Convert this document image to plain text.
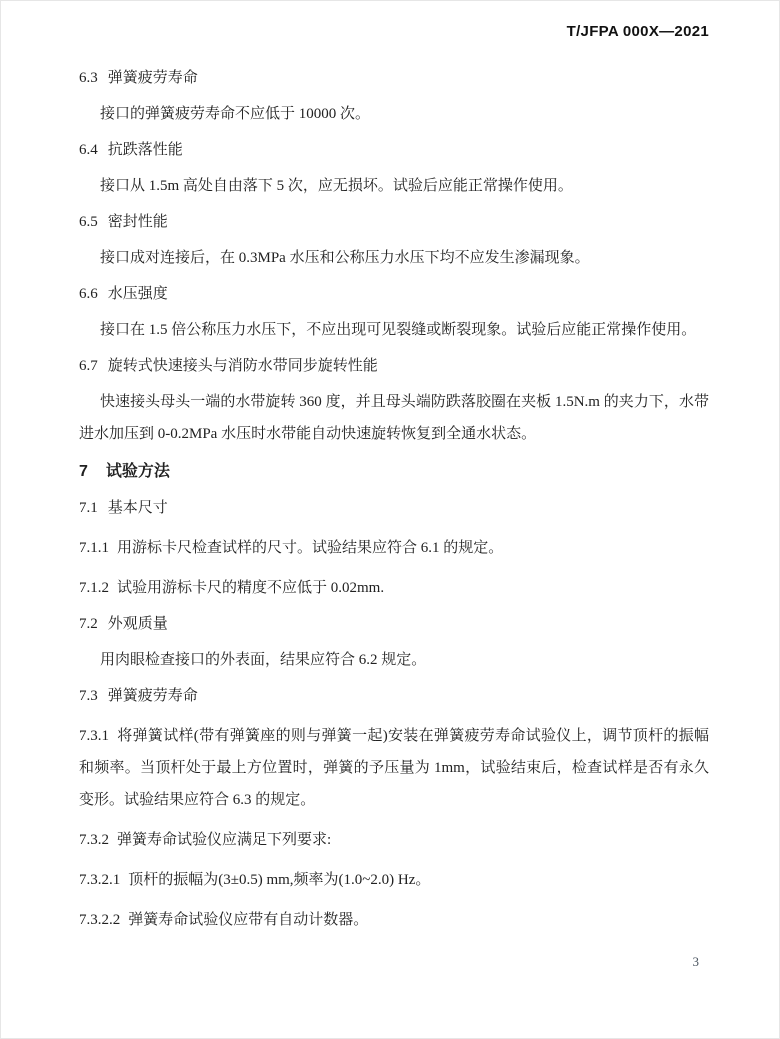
T/JFPA 000X—2021
6.3 弹簧疲劳寿命

接口的弹簧疲劳寿命不应低于 10000 次。

6.4 抗跌落性能

接口从 1.5m 高处自由落下 5 次，应无损坏。试验后应能正常操作使用。

6.5 密封性能

接口成对连接后，在 0.3MPa 水压和公称压力水压下均不应发生渗漏现象。

6.6 水压强度

接口在 1.5 倍公称压力水压下，不应出现可见裂缝或断裂现象。试验后应能正常操作使用。

6.7 旋转式快速接头与消防水带同步旋转性能

快速接头母头一端的水带旋转 360 度，并且母头端防跌落胶圈在夹板 1.5N.m 的夹力下，水带进水加压到 0-0.2MPa 水压时水带能自动快速旋转恢复到全通水状态。

7 试验方法
7.1 基本尺寸
7.1.1 用游标卡尺检查试样的尺寸。试验结果应符合 6.1 的规定。
7.1.2 试验用游标卡尺的精度不应低于 0.02mm.
7.2 外观质量

用肉眼检查接口的外表面，结果应符合 6.2 规定。

7.3 弹簧疲劳寿命
7.3.1 将弹簧试样(带有弹簧座的则与弹簧一起)安装在弹簧疲劳寿命试验仪上，调节顶杆的振幅和频率。当顶杆处于最上方位置时，弹簧的予压量为 1mm，试验结束后，检查试样是否有永久变形。试验结果应符合 6.3 的规定。
7.3.2 弹簧寿命试验仪应满足下列要求:
7.3.2.1 顶杆的振幅为(3±0.5) mm,频率为(1.0~2.0) Hz。
7.3.2.2 弹簧寿命试验仪应带有自动计数器。
3
